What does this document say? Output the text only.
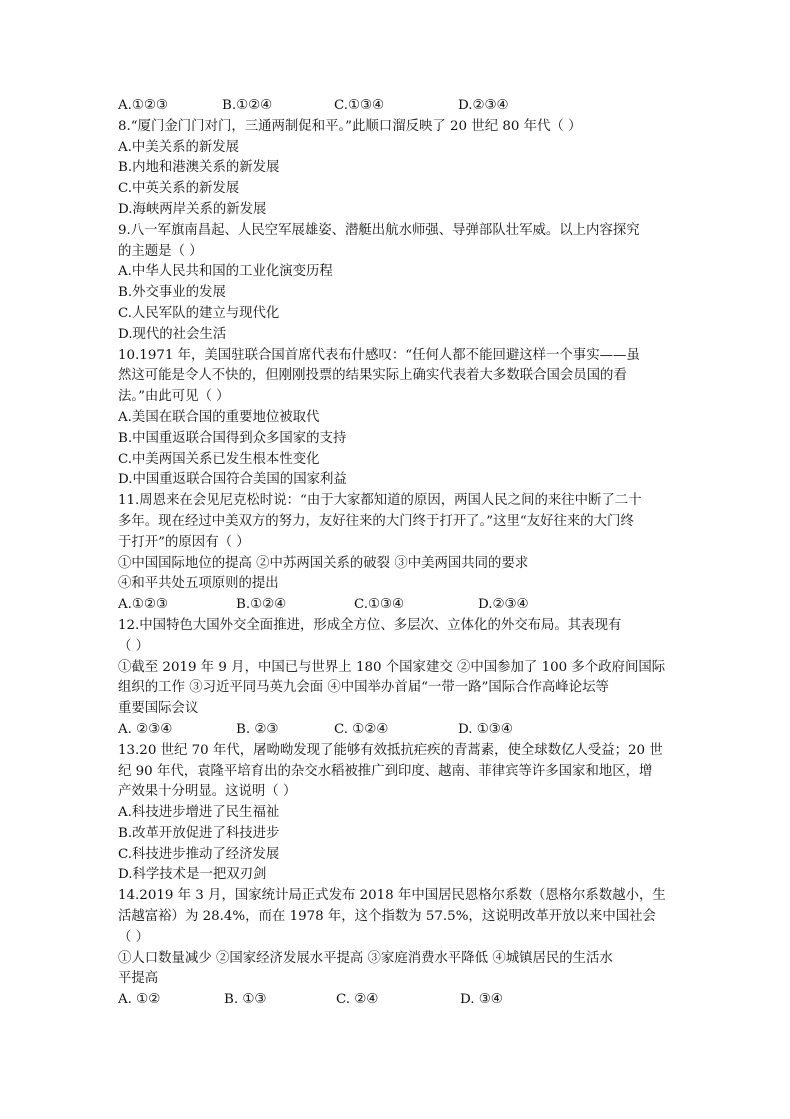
A.①②③	B.①②④	C.①③④	D.②③④
8.“厦门金门门对门，三通两制促和平。”此顺口溜反映了 20 世纪 80 年代（ ）
A.中美关系的新发展
B.内地和港澳关系的新发展
C.中英关系的新发展
D.海峡两岸关系的新发展
9.八一军旗南昌起、人民空军展雄姿、潜艇出航水师强、导弹部队壮军威。以上内容探究
的主题是（ ）
A.中华人民共和国的工业化演变历程
B.外交事业的发展
C.人民军队的建立与现代化
D.现代的社会生活
10.1971 年，美国驻联合国首席代表布什感叹：“任何人都不能回避这样一个事实——虽
然这可能是令人不快的，但刚刚投票的结果实际上确实代表着大多数联合国会员国的看
法。”由此可见（ ）
A.美国在联合国的重要地位被取代
B.中国重返联合国得到众多国家的支持
C.中美两国关系已发生根本性变化
D.中国重返联合国符合美国的国家利益
11.周恩来在会见尼克松时说：“由于大家都知道的原因，两国人民之间的来往中断了二十
多年。现在经过中美双方的努力，友好往来的大门终于打开了。”这里“友好往来的大门终
于打开”的原因有（ ）
①中国国际地位的提高 ②中苏两国关系的破裂 ③中美两国共同的要求
④和平共处五项原则的提出
A.①②③	B.①②④	C.①③④	D.②③④
12.中国特色大国外交全面推进，形成全方位、多层次、立体化的外交布局。其表现有
（ ）
①截至 2019 年 9 月，中国已与世界上 180 个国家建交 ②中国参加了 100 多个政府间国际
组织的工作 ③习近平同马英九会面 ④中国举办首届“一带一路”国际合作高峰论坛等
重要国际会议
A. ②③④	B. ②③	C. ①②④	D. ①③④
13.20 世纪 70 年代，屠呦呦发现了能够有效抵抗疟疾的青蒿素，使全球数亿人受益；20 世
纪 90 年代，袁隆平培育出的杂交水稻被推广到印度、越南、菲律宾等许多国家和地区，增
产效果十分明显。这说明（ ）
A.科技进步增进了民生福祉
B.改革开放促进了科技进步
C.科技进步推动了经济发展
D.科学技术是一把双刃剑
14.2019 年 3 月，国家统计局正式发布 2018 年中国居民恩格尔系数（恩格尔系数越小，生
活越富裕）为 28.4%，而在 1978 年，这个指数为 57.5%，这说明改革开放以来中国社会
（ ）
①人口数量减少 ②国家经济发展水平提高 ③家庭消费水平降低 ④城镇居民的生活水
平提高
A. ①②	B. ①③	C. ②④	D. ③④
